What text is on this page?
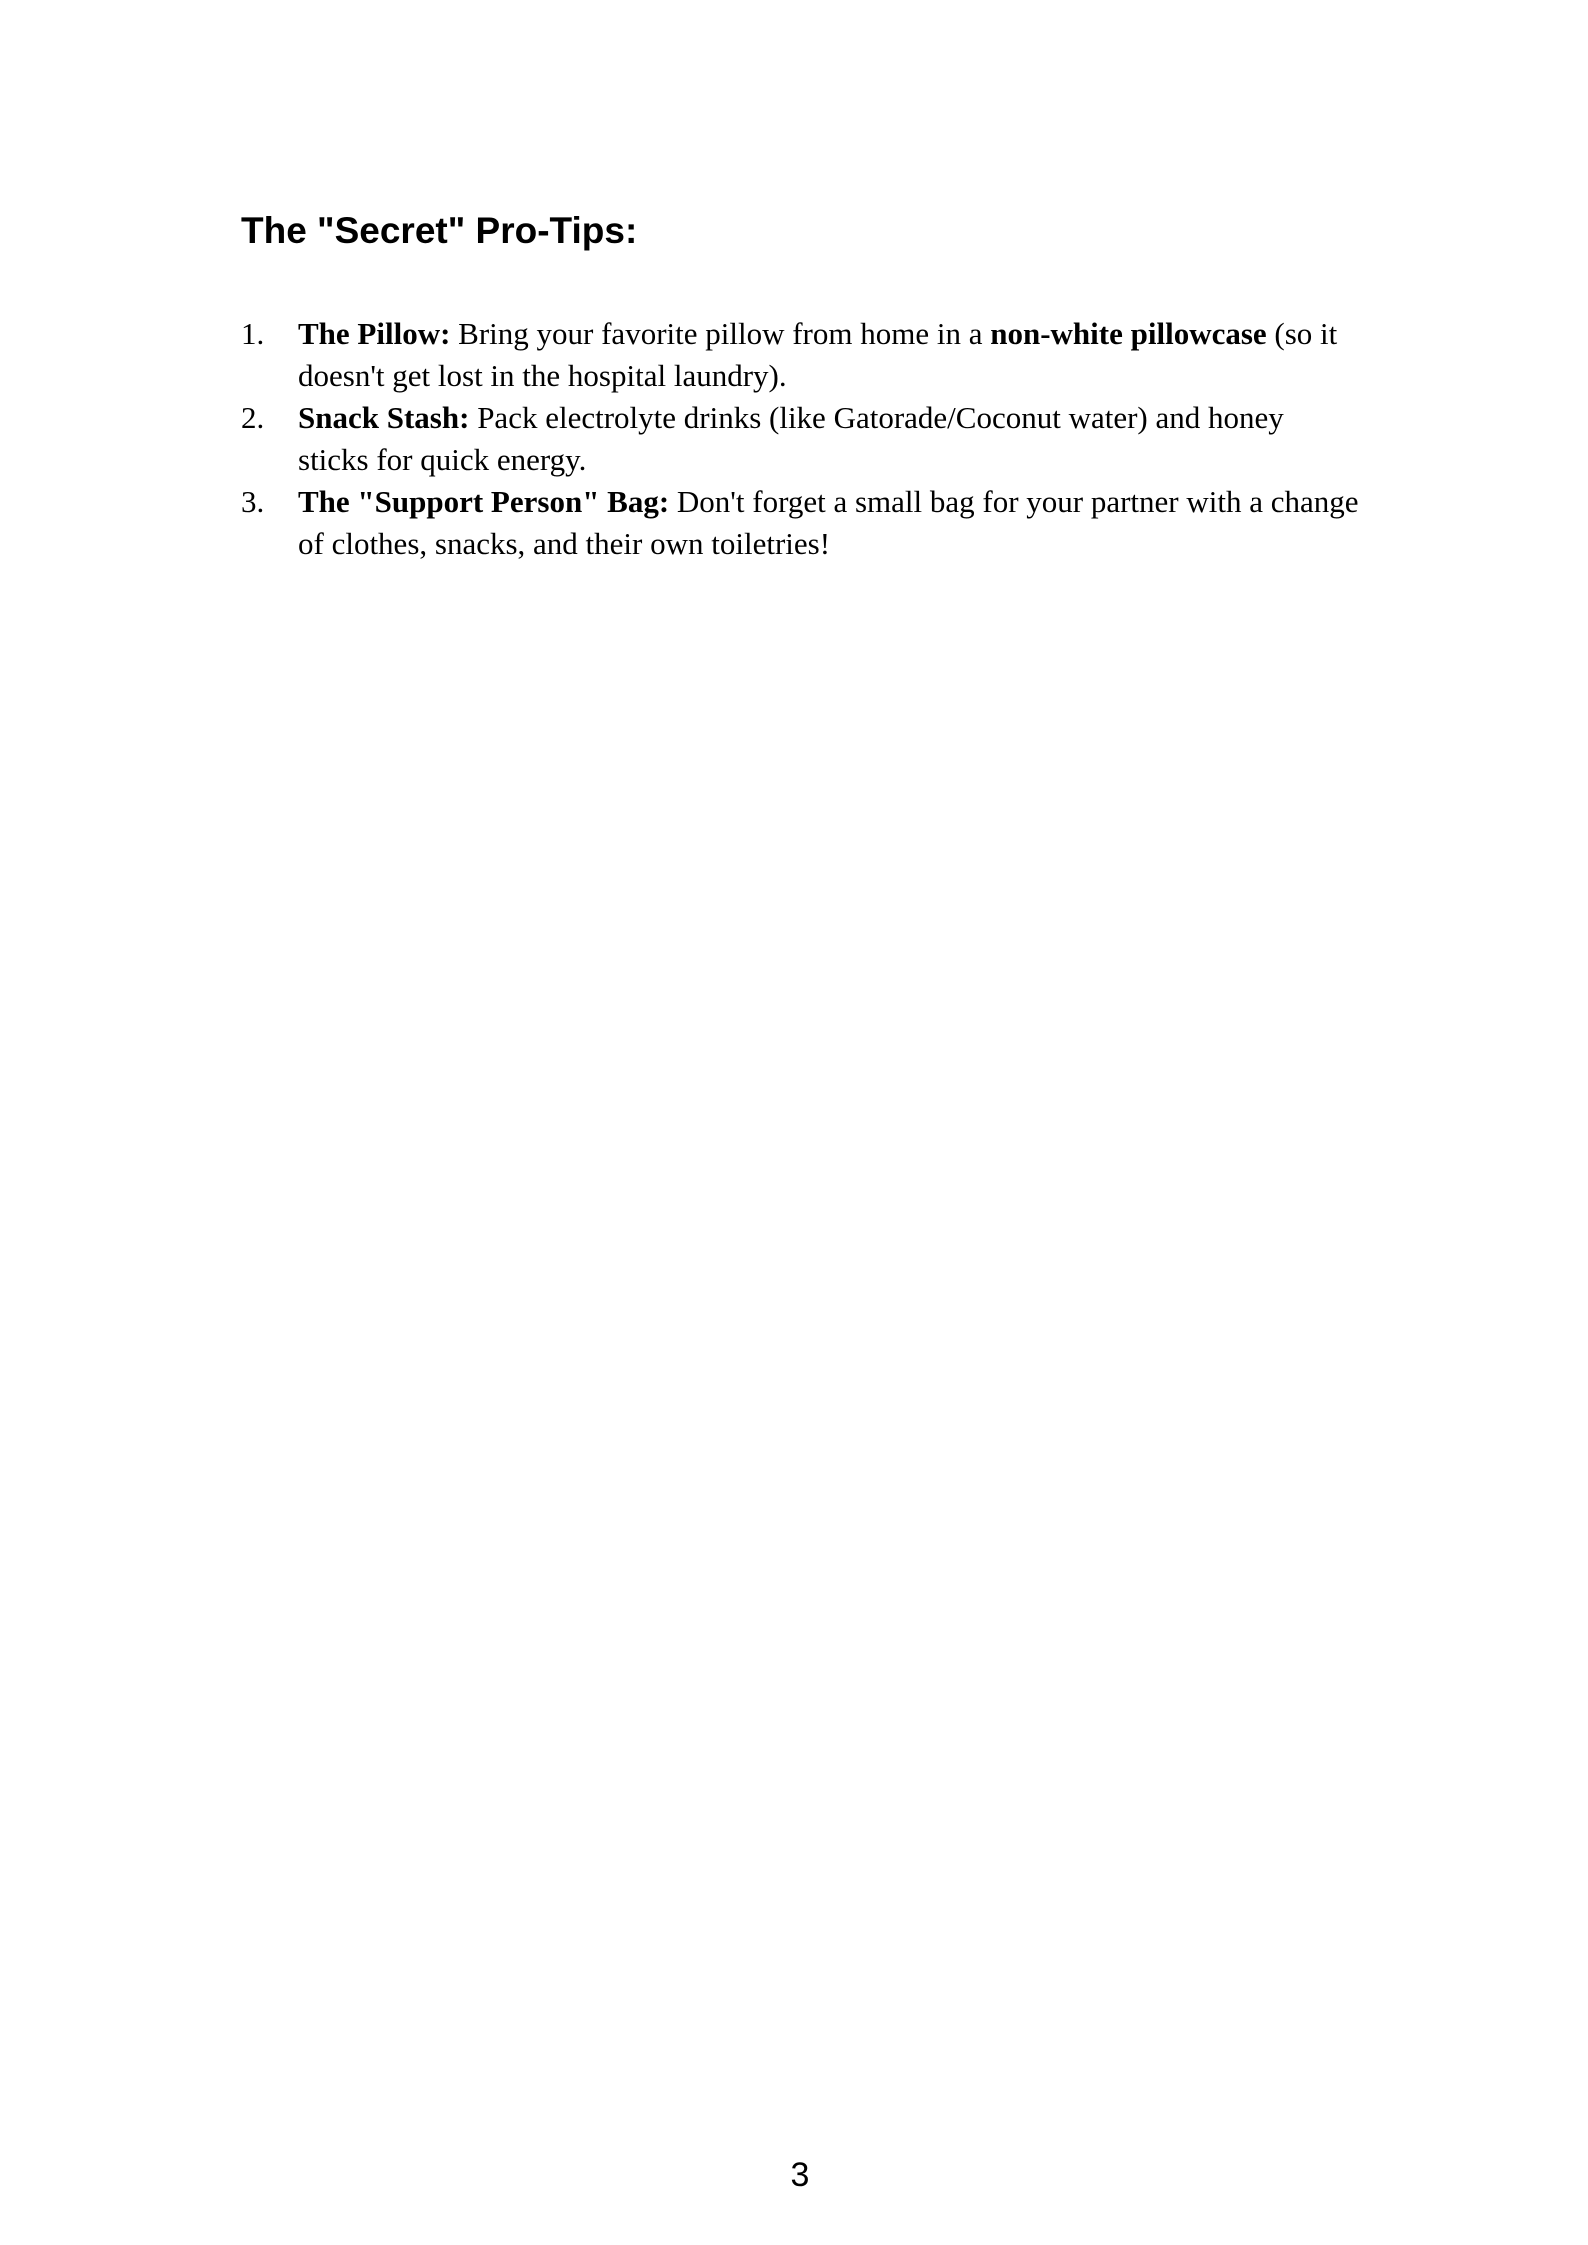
The "Secret" Pro-Tips:
1. The Pillow: Bring your favorite pillow from home in a non-white pillowcase (so it doesn't get lost in the hospital laundry).
2. Snack Stash: Pack electrolyte drinks (like Gatorade/Coconut water) and honey sticks for quick energy.
3. The "Support Person" Bag: Don't forget a small bag for your partner with a change of clothes, snacks, and their own toiletries!
3
